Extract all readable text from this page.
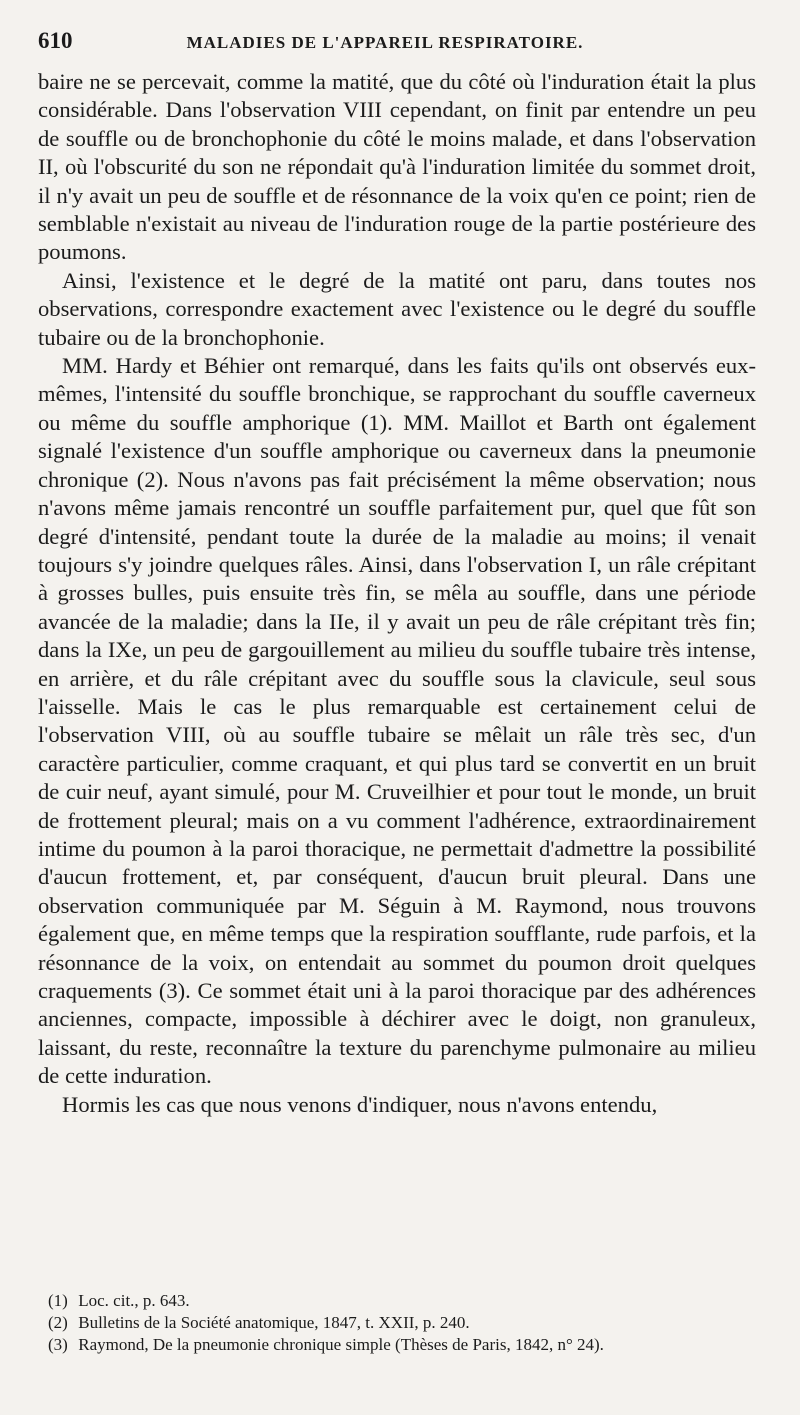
610	MALADIES DE L'APPAREIL RESPIRATOIRE.

baire ne se percevait, comme la matité, que du côté où l'induration était la plus considérable. Dans l'observation VIII cependant, on finit par entendre un peu de souffle ou de bronchophonie du côté le moins malade, et dans l'observation II, où l'obscurité du son ne répondait qu'à l'induration limitée du sommet droit, il n'y avait un peu de souffle et de résonnance de la voix qu'en ce point; rien de semblable n'existait au niveau de l'induration rouge de la partie postérieure des poumons.

Ainsi, l'existence et le degré de la matité ont paru, dans toutes nos observations, correspondre exactement avec l'existence ou le degré du souffle tubaire ou de la bronchophonie.

MM. Hardy et Béhier ont remarqué, dans les faits qu'ils ont observés eux-mêmes, l'intensité du souffle bronchique, se rapprochant du souffle caverneux ou même du souffle amphorique (1). MM. Maillot et Barth ont également signalé l'existence d'un souffle amphorique ou caverneux dans la pneumonie chronique (2). Nous n'avons pas fait précisément la même observation; nous n'avons même jamais rencontré un souffle parfaitement pur, quel que fût son degré d'intensité, pendant toute la durée de la maladie au moins; il venait toujours s'y joindre quelques râles. Ainsi, dans l'observation I, un râle crépitant à grosses bulles, puis ensuite très fin, se mêla au souffle, dans une période avancée de la maladie; dans la IIe, il y avait un peu de râle crépitant très fin; dans la IXe, un peu de gargouillement au milieu du souffle tubaire très intense, en arrière, et du râle crépitant avec du souffle sous la clavicule, seul sous l'aisselle. Mais le cas le plus remarquable est certainement celui de l'observation VIII, où au souffle tubaire se mêlait un râle très sec, d'un caractère particulier, comme craquant, et qui plus tard se convertit en un bruit de cuir neuf, ayant simulé, pour M. Cruveilhier et pour tout le monde, un bruit de frottement pleural; mais on a vu comment l'adhérence, extraordinairement intime du poumon à la paroi thoracique, ne permettait d'admettre la possibilité d'aucun frottement, et, par conséquent, d'aucun bruit pleural. Dans une observation communiquée par M. Séguin à M. Raymond, nous trouvons également que, en même temps que la respiration soufflante, rude parfois, et la résonnance de la voix, on entendait au sommet du poumon droit quelques craquements (3). Ce sommet était uni à la paroi thoracique par des adhérences anciennes, compacte, impossible à déchirer avec le doigt, non granuleux, laissant, du reste, reconnaître la texture du parenchyme pulmonaire au milieu de cette induration.

Hormis les cas que nous venons d'indiquer, nous n'avons entendu,

(1) Loc. cit., p. 643.
(2) Bulletins de la Société anatomique, 1847, t. XXII, p. 240.
(3) Raymond, De la pneumonie chronique simple (Thèses de Paris, 1842, n° 24).
